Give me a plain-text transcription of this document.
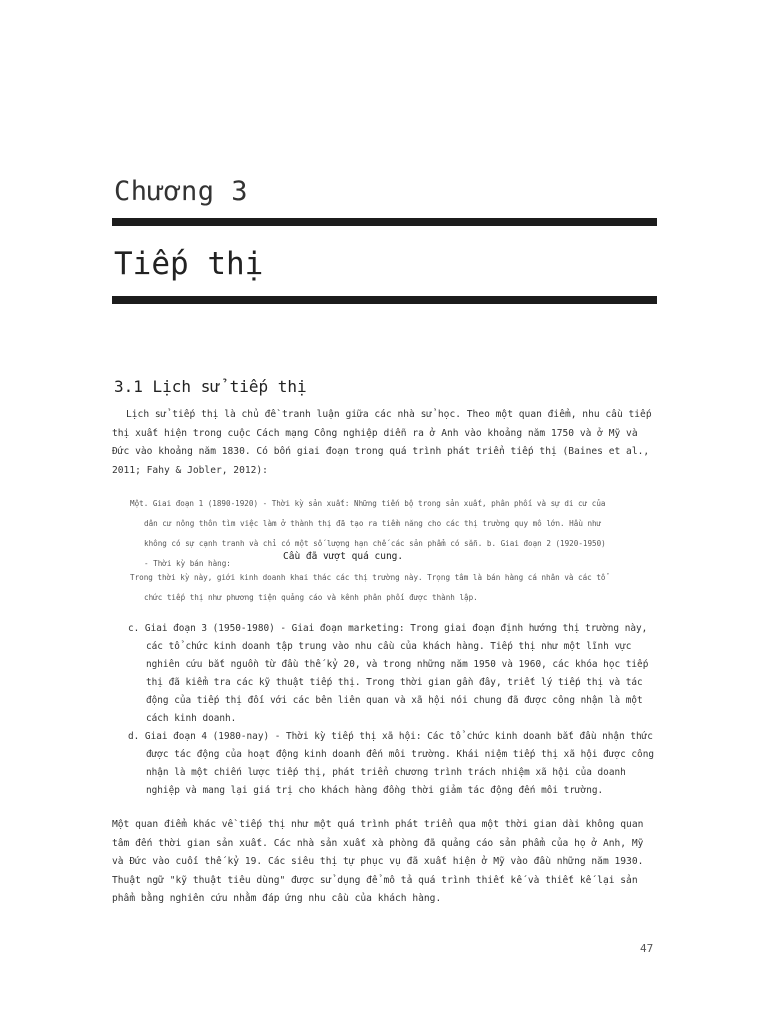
Chương 3
Tiếp thị
3.1 Lịch sử tiếp thị

Lịch sử tiếp thị là chủ đề tranh luận giữa các nhà sử học. Theo một quan điểm, nhu cầu tiếp thị xuất hiện trong cuộc Cách mạng Công nghiệp diễn ra ở Anh vào khoảng năm 1750 và ở Mỹ và Đức vào khoảng năm 1830. Có bốn giai đoạn trong quá trình phát triển tiếp thị (Baines et al., 2011; Fahy & Jobler, 2012):

Một. Giai đoạn 1 (1890-1920) - Thời kỳ sản xuất: Những tiến bộ trong sản xuất, phân phối và sự di cư của
dân cư nông thôn tìm việc làm ở thành thị đã tạo ra tiềm năng cho các thị trường quy mô lớn. Hầu như
không có sự cạnh tranh và chỉ có một số lượng hạn chế các sản phẩm có sẵn. b. Giai đoạn 2 (1920-1950)
- Thời kỳ bán hàng:
Cầu đã vượt quá cung.
Trong thời kỳ này, giới kinh doanh khai thác các thị trường này. Trọng tâm là bán hàng cá nhân và các tổ
chức tiếp thị như phương tiện quảng cáo và kênh phân phối được thành lập.
c. Giai đoạn 3 (1950-1980) - Giai đoạn marketing: Trong giai đoạn định hướng thị trường này, các tổ chức kinh doanh tập trung vào nhu cầu của khách hàng. Tiếp thị như một lĩnh vực nghiên cứu bắt nguồn từ đầu thế kỷ 20, và trong những năm 1950 và 1960, các khóa học tiếp thị đã kiểm tra các kỹ thuật tiếp thị. Trong thời gian gần đây, triết lý tiếp thị và tác động của tiếp thị đối với các bên liên quan và xã hội nói chung đã được công nhận là một cách kinh doanh.
d. Giai đoạn 4 (1980-nay) - Thời kỳ tiếp thị xã hội: Các tổ chức kinh doanh bắt đầu nhận thức được tác động của hoạt động kinh doanh đến môi trường. Khái niệm tiếp thị xã hội được công nhận là một chiến lược tiếp thị, phát triển chương trình trách nhiệm xã hội của doanh nghiệp và mang lại giá trị cho khách hàng đồng thời giảm tác động đến môi trường.

Một quan điểm khác về tiếp thị như một quá trình phát triển qua một thời gian dài không quan tâm đến thời gian sản xuất. Các nhà sản xuất xà phòng đã quảng cáo sản phẩm của họ ở Anh, Mỹ và Đức vào cuối thế kỷ 19. Các siêu thị tự phục vụ đã xuất hiện ở Mỹ vào đầu những năm 1930. Thuật ngữ "kỹ thuật tiêu dùng" được sử dụng để mô tả quá trình thiết kế và thiết kế lại sản phẩm bằng nghiên cứu nhằm đáp ứng nhu cầu của khách hàng.

47
